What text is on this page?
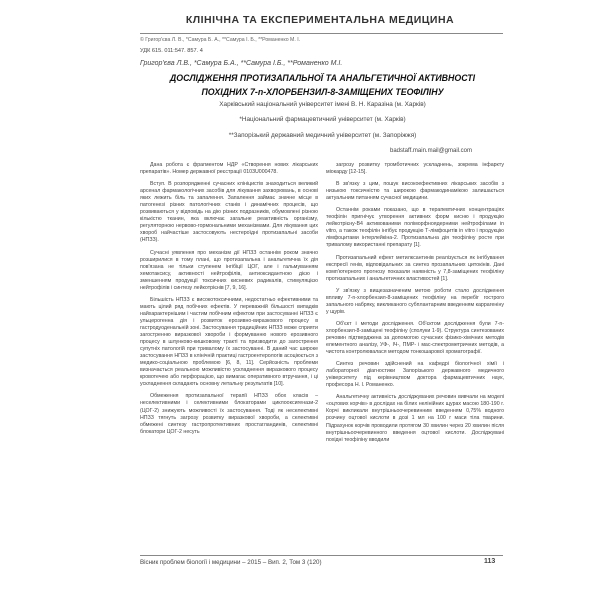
КЛІНІЧНА ТА ЕКСПЕРИМЕНТАЛЬНА МЕДИЦИНА
© Григор'єва Л. В., *Самура Б. А., **Самура І. Б., **Романенко М. І.
УДК 615. 011:547. 857. 4
Григор'єва Л.В., *Самура Б.А., **Самура І.Б., **Романенко М.І.
ДОСЛІДЖЕННЯ ПРОТИЗАПАЛЬНОЇ ТА АНАЛЬГЕТИЧНОЇ АКТИВНОСТІ
ПОХІДНИХ 7-n-ХЛОРБЕНЗИЛ-8-ЗАМІЩЕНИХ ТЕОФІЛІНУ
Харківський національний університет імені В. Н. Каразіна (м. Харків)
*Національний фармацевтичний університет (м. Харків)
**Запорізький державний медичний університет (м. Запоріжжя)
badstaff.main.mail@gmail.com

Дана робота є фрагментом НДР «Створення нових лікарських препаратів». Номер державної реєстрації 0103U000478.

Вступ. В розпорядженні сучасних клініцистів знаходиться великий арсенал фармакологічних засобів для лікування захворювань, в основі яких лежить біль та запалення. Запалення займає значне місце в патогенезі різних патологічних станів і динамічних процесів, що розвиваються у відповідь на дію різних подразників, обумовлені різною кількістю тканин, яка включає загальне реактивність організму, регуляторною нервово-гормональними механізмами. Для лікування цих хвороб найчастіше застосовують нестероїдні протизапальні засоби (НПЗЗ).

Сучасні уявлення про механізм дії НПЗЗ останнім роком значно розширилися в тому плані, що протизапальна і анальгетична їх дія пов'язана не тільки ступенем інгібіції ЦОГ, але і гальмуванням хемотаксису, активності нейтрофілів, антиоксидантною дією і зменшенням продукції токсичних кисневих радикалів, стимуляцією нейтрофілів і синтезу лейкотрієнів [7, 9, 16].

Більшість НПЗЗ є високотоксичними, недостатньо ефективними та мають цілий ряд побічних ефектів. У переважній більшості випадків найхарактернішим і частим побічним ефектом при застосуванні НПЗЗ є ульцерогенна дія і розвиток ерозивно-виразкового процесу в гастродуоденальній зоні. Застосування традиційних НПЗЗ може сприяти загостренню виразкової хвороби і формуванню нового ерозивного процесу в шлунково-кишковому тракті та призводити до загострення супутніх патологій при тривалому їх застосуванні. В даний час широке застосування НПЗЗ в клінічній практиці гастроентерологів асоціюється з медико-соціальною проблемою [6, 8, 11]. Серйозність проблеми визначається реальною можливістю ускладнення виразкового процесу кровотечею або перфорацією, що вимагає оперативного втручання, і ці ускладнення складають основну летальну результатів [10].

Обмеження протизапальної терапії НПЗЗ обох класів – неселективними і селективними блокаторами циклооксигенази-2 (ЦОГ-2) знижують можливості їх застосування. Тоді як неселективні НПЗЗ тягнуть загрозу розвитку виразкової хвороби, а селективні обмежені синтезу гастропротективних простагландинів, селективні блокатори ЦОГ-2 несуть

загрозу розвитку тромботичних ускладнень, зокрема інфаркту міокарду [12-15].

В зв'язку з цим, пошук високоефективних лікарських засобів з низькою токсичністю та широкою фармакодинамікою залишається актуальним питанням сучасної медицини.

Останнім роками показано, що в терапевтичних концентраціях теофілін пригнічує утворення активних форм кисню і продукцію лейкотрієну-В4 активованими поліморфноядерними нейтрофілами in vitro, а також теофілін інгібує продукцію Т-лімфоцитів in vitro і продукцію лімфоцитами інтерлейкіна-2. Протизапальна дія теофіліну росте при тривалому використанні препарату [1].

Протизапальний ефект метилксантинів реалізується як інгібування експресії генів, відповідальних за синтез прозапальних цитокінів. Дані комп'ютерного прогнозу показали наявність у 7,8-заміщених теофіліну протизапальних і анальгетичних властивостей [1].

У зв'язку з вищезазначеним метою роботи стало дослідження впливу 7-n-хлорбензил-8-заміщених теофіліну на перебіг гострого запального набряку, викликаного субплантарним введенням каррагеніну у щурів.

Об'єкт і методи дослідження. Об'єктом дослідження були 7-n-хлорбензил-8-заміщені теофіліну (сполуки 1-9). Структура синтезованих речовин підтверджена за допомогою сучасних фізико-хімічних методів елементного аналізу, УФ-, ІЧ-, ПМР- і мас-спектрометричних методів, а чистота контролювалася методом тонкошарової хроматографії.

Синтез речовин здійснений на кафедрі біологічної хімії і лабораторної діагностики Запорізького державного медичного університету під керівництвом доктора фармацевтичних наук, професора Н. І. Романенко.

Анальгетичну активність досліджуваних речовин вивчали на моделі «оцтових корчів» в дослідах на білих нелінійних щурах масою 180-190 г. Корчі викликали внутрішньоочеревинним введенням 0,75% водного розчину оцтової кислоти в дозі 1 мл на 100 г маси тіла тварини. Підрахунок корчів проводили протягом 30 хвилин через 20 хвилин після внутрішньоочеревинного введення оцтової кислоти. Досліджувані похідні теофіліну вводили

Вісник проблем біології і медицини – 2015 – Вип. 2, Том 3 (120)	113
